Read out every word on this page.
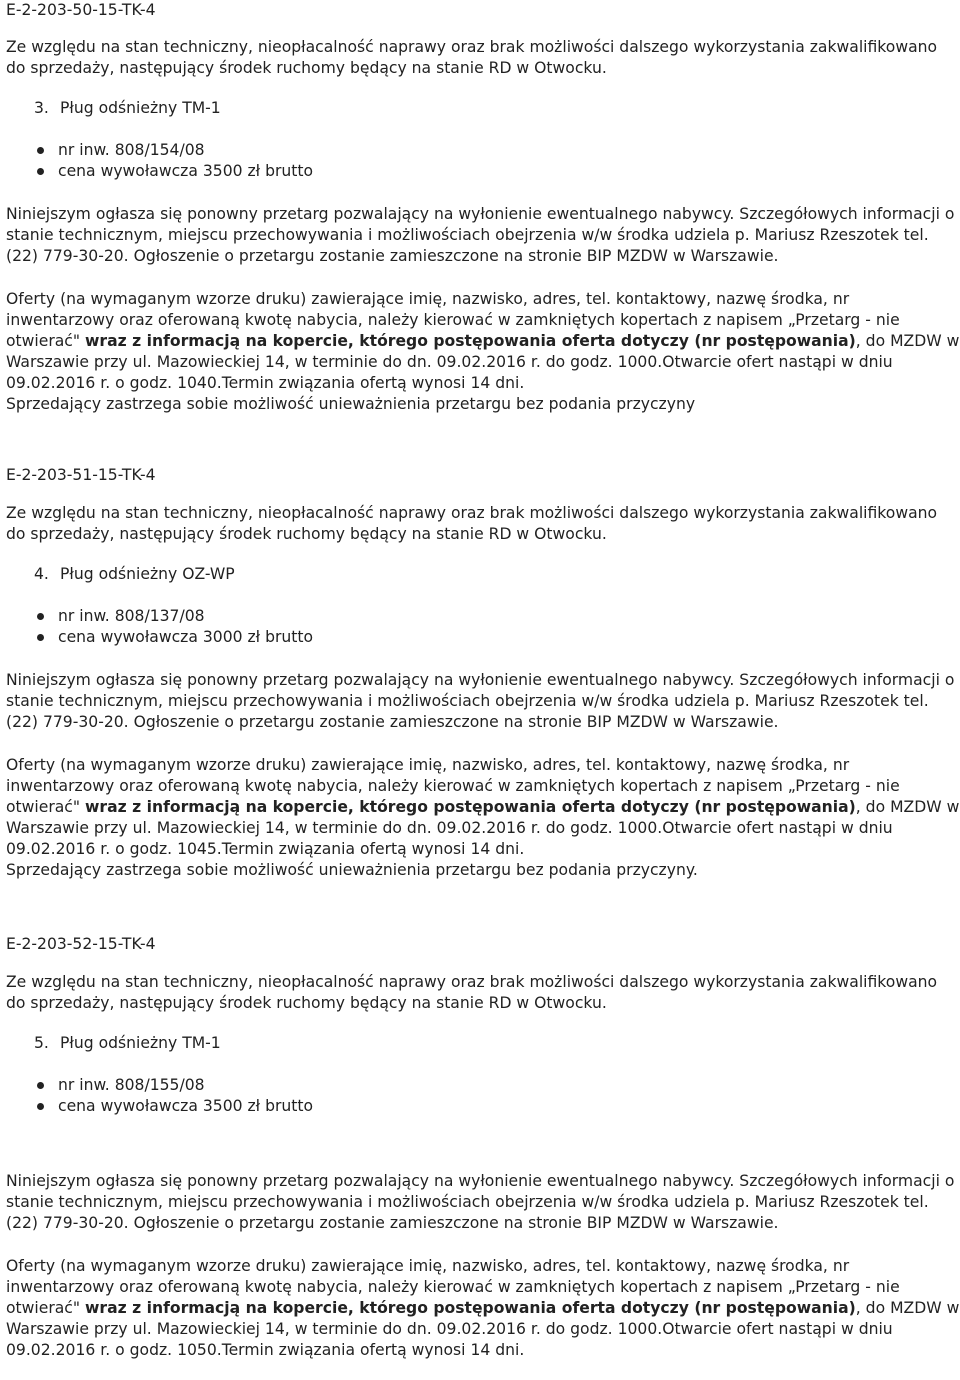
E-2-203-50-15-TK-4

Ze względu na stan techniczny, nieopłacalność naprawy oraz brak możliwości dalszego wykorzystania zakwalifikowano do sprzedaży, następujący środek ruchomy będący na stanie RD w Otwocku.

3. Pług odśnieżny TM-1

nr inw. 808/154/08
cena wywoławcza 3500 zł brutto

Niniejszym ogłasza się ponowny przetarg pozwalający na wyłonienie ewentualnego nabywcy. Szczegółowych informacji o stanie technicznym, miejscu przechowywania i możliwościach obejrzenia w/w środka udziela p. Mariusz Rzeszotek tel.(22) 779-30-20. Ogłoszenie o przetargu zostanie zamieszczone na stronie BIP MZDW w Warszawie.

Oferty (na wymaganym wzorze druku) zawierające imię, nazwisko, adres, tel. kontaktowy, nazwę środka, nr inwentarzowy oraz oferowaną kwotę nabycia, należy kierować w zamkniętych kopertach z napisem „Przetarg - nie otwierać" wraz z informacją na kopercie, którego postępowania oferta dotyczy (nr postępowania), do MZDW w Warszawie przy ul. Mazowieckiej 14, w terminie do dn. 09.02.2016 r. do godz. 1000.Otwarcie ofert nastąpi w dniu 09.02.2016 r. o godz. 1040.Termin związania ofertą wynosi 14 dni.

Sprzedający zastrzega sobie możliwość unieważnienia przetargu bez podania przyczyny

E-2-203-51-15-TK-4

Ze względu na stan techniczny, nieopłacalność naprawy oraz brak możliwości dalszego wykorzystania zakwalifikowano do sprzedaży, następujący środek ruchomy będący na stanie RD w Otwocku.

4. Pług odśnieżny OZ-WP

nr inw. 808/137/08
cena wywoławcza 3000 zł brutto

Niniejszym ogłasza się ponowny przetarg pozwalający na wyłonienie ewentualnego nabywcy. Szczegółowych informacji o stanie technicznym, miejscu przechowywania i możliwościach obejrzenia w/w środka udziela p. Mariusz Rzeszotek tel.(22) 779-30-20. Ogłoszenie o przetargu zostanie zamieszczone na stronie BIP MZDW w Warszawie.

Oferty (na wymaganym wzorze druku) zawierające imię, nazwisko, adres, tel. kontaktowy, nazwę środka, nr inwentarzowy oraz oferowaną kwotę nabycia, należy kierować w zamkniętych kopertach z napisem „Przetarg - nie otwierać" wraz z informacją na kopercie, którego postępowania oferta dotyczy (nr postępowania), do MZDW w Warszawie przy ul. Mazowieckiej 14, w terminie do dn. 09.02.2016 r. do godz. 1000.Otwarcie ofert nastąpi w dniu 09.02.2016 r. o godz. 1045.Termin związania ofertą wynosi 14 dni.

Sprzedający zastrzega sobie możliwość unieważnienia przetargu bez podania przyczyny.

E-2-203-52-15-TK-4

Ze względu na stan techniczny, nieopłacalność naprawy oraz brak możliwości dalszego wykorzystania zakwalifikowano do sprzedaży, następujący środek ruchomy będący na stanie RD w Otwocku.

5. Pług odśnieżny TM-1

nr inw. 808/155/08
cena wywoławcza 3500 zł brutto

Niniejszym ogłasza się ponowny przetarg pozwalający na wyłonienie ewentualnego nabywcy. Szczegółowych informacji o stanie technicznym, miejscu przechowywania i możliwościach obejrzenia w/w środka udziela p. Mariusz Rzeszotek tel.(22) 779-30-20. Ogłoszenie o przetargu zostanie zamieszczone na stronie BIP MZDW w Warszawie.

Oferty (na wymaganym wzorze druku) zawierające imię, nazwisko, adres, tel. kontaktowy, nazwę środka, nr inwentarzowy oraz oferowaną kwotę nabycia, należy kierować w zamkniętych kopertach z napisem „Przetarg - nie otwierać" wraz z informacją na kopercie, którego postępowania oferta dotyczy (nr postępowania), do MZDW w Warszawie przy ul. Mazowieckiej 14, w terminie do dn. 09.02.2016 r. do godz. 1000.Otwarcie ofert nastąpi w dniu 09.02.2016 r. o godz. 1050.Termin związania ofertą wynosi 14 dni.
